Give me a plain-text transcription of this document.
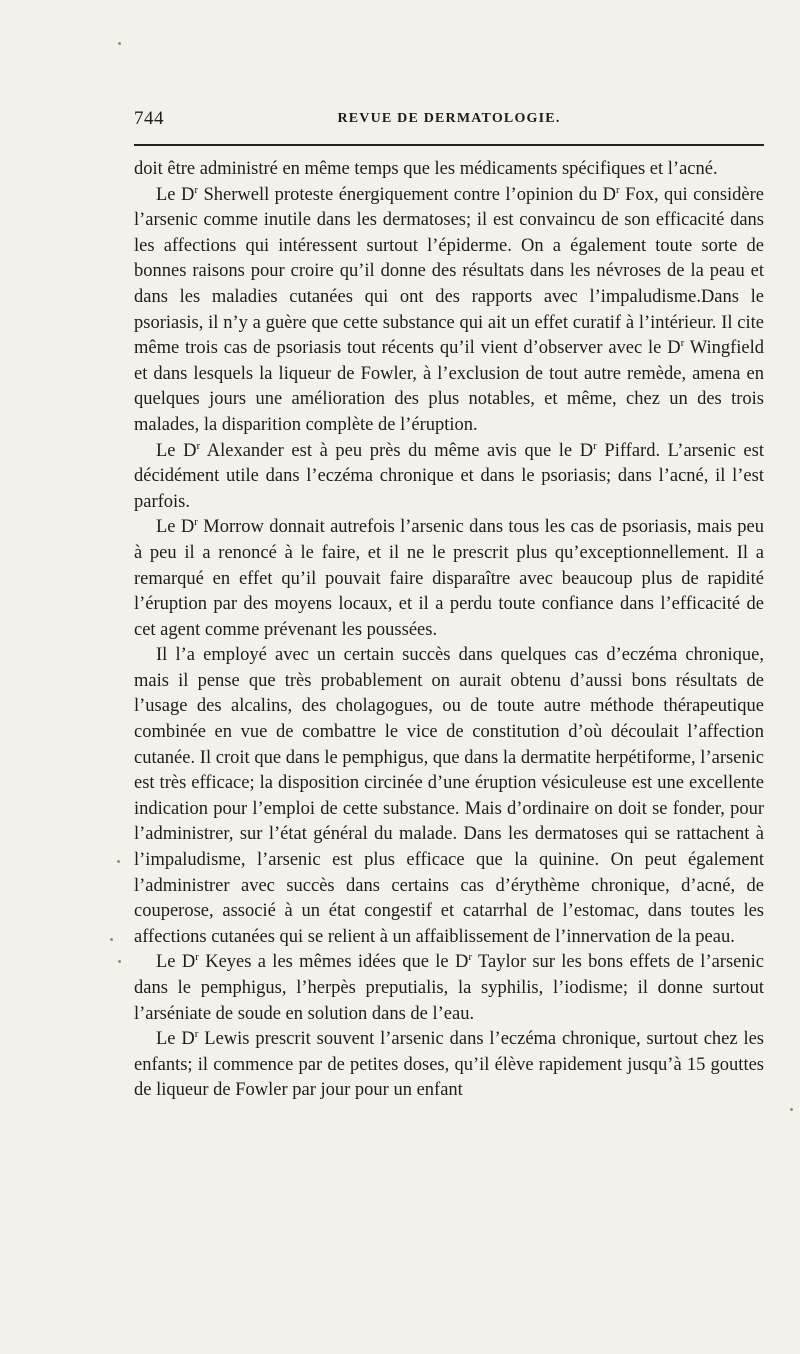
744	REVUE DE DERMATOLOGIE.

doit être administré en même temps que les médicaments spécifiques et l’acné.

Le $D^r$ Sherwell proteste énergiquement contre l’opinion du $D^r$ Fox, qui considère l’arsenic comme inutile dans les dermatoses; il est convaincu de son efficacité dans les affections qui intéressent surtout l’épiderme. On a également toute sorte de bonnes raisons pour croire qu’il donne des résultats dans les névroses de la peau et dans les maladies cutanées qui ont des rapports avec l’impaludisme.Dans le psoriasis, il n’y a guère que cette substance qui ait un effet curatif à l’intérieur. Il cite même trois cas de psoriasis tout récents qu’il vient d’observer avec le $D^r$ Wingfield et dans lesquels la liqueur de Fowler, à l’exclusion de tout autre remède, amena en quelques jours une amélioration des plus notables, et même, chez un des trois malades, la disparition complète de l’éruption.

Le $D^r$ Alexander est à peu près du même avis que le $D^r$ Piffard. L’arsenic est décidément utile dans l’eczéma chronique et dans le psoriasis; dans l’acné, il l’est parfois.

Le $D^r$ Morrow donnait autrefois l’arsenic dans tous les cas de psoriasis, mais peu à peu il a renoncé à le faire, et il ne le prescrit plus qu’exceptionnellement. Il a remarqué en effet qu’il pouvait faire disparaître avec beaucoup plus de rapidité l’éruption par des moyens locaux, et il a perdu toute confiance dans l’efficacité de cet agent comme prévenant les poussées.

Il l’a employé avec un certain succès dans quelques cas d’eczéma chronique, mais il pense que très probablement on aurait obtenu d’aussi bons résultats de l’usage des alcalins, des cholagogues, ou de toute autre méthode thérapeutique combinée en vue de combattre le vice de constitution d’où découlait l’affection cutanée. Il croit que dans le pemphigus, que dans la dermatite herpétiforme, l’arsenic est très efficace; la disposition circinée d’une éruption vésiculeuse est une excellente indication pour l’emploi de cette substance. Mais d’ordinaire on doit se fonder, pour l’administrer, sur l’état général du malade. Dans les dermatoses qui se rattachent à l’impaludisme, l’arsenic est plus efficace que la quinine. On peut également l’administrer avec succès dans certains cas d’érythème chronique, d’acné, de couperose, associé à un état congestif et catarrhal de l’estomac, dans toutes les affections cutanées qui se relient à un affaiblissement de l’innervation de la peau.

Le $D^r$ Keyes a les mêmes idées que le $D^r$ Taylor sur les bons effets de l’arsenic dans le pemphigus, l’herpès preputialis, la syphilis, l’iodisme; il donne surtout l’arséniate de soude en solution dans de l’eau.

Le $D^r$ Lewis prescrit souvent l’arsenic dans l’eczéma chronique, surtout chez les enfants; il commence par de petites doses, qu’il élève rapidement jusqu’à 15 gouttes de liqueur de Fowler par jour pour un enfant
